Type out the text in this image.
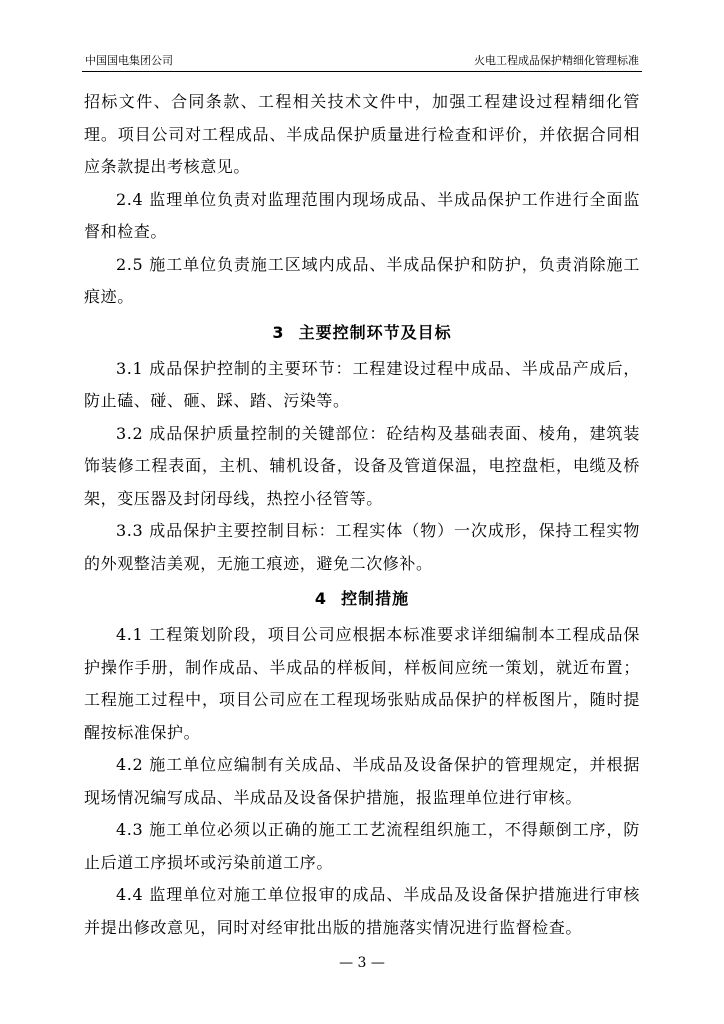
中国国电集团公司	火电工程成品保护精细化管理标准

招标文件、合同条款、工程相关技术文件中，加强工程建设过程精细化管理。项目公司对工程成品、半成品保护质量进行检查和评价，并依据合同相应条款提出考核意见。

2.4 监理单位负责对监理范围内现场成品、半成品保护工作进行全面监督和检查。

2.5 施工单位负责施工区域内成品、半成品保护和防护，负责消除施工痕迹。

3 主要控制环节及目标

3.1 成品保护控制的主要环节：工程建设过程中成品、半成品产成后，防止磕、碰、砸、踩、踏、污染等。

3.2 成品保护质量控制的关键部位：砼结构及基础表面、棱角，建筑装饰装修工程表面，主机、辅机设备，设备及管道保温，电控盘柜，电缆及桥架，变压器及封闭母线，热控小径管等。

3.3 成品保护主要控制目标：工程实体（物）一次成形，保持工程实物的外观整洁美观，无施工痕迹，避免二次修补。

4 控制措施

4.1 工程策划阶段，项目公司应根据本标准要求详细编制本工程成品保护操作手册，制作成品、半成品的样板间，样板间应统一策划，就近布置；工程施工过程中，项目公司应在工程现场张贴成品保护的样板图片，随时提醒按标准保护。

4.2 施工单位应编制有关成品、半成品及设备保护的管理规定，并根据现场情况编写成品、半成品及设备保护措施，报监理单位进行审核。

4.3 施工单位必须以正确的施工工艺流程组织施工，不得颠倒工序，防止后道工序损坏或污染前道工序。

4.4 监理单位对施工单位报审的成品、半成品及设备保护措施进行审核并提出修改意见，同时对经审批出版的措施落实情况进行监督检查。

— 3 —
